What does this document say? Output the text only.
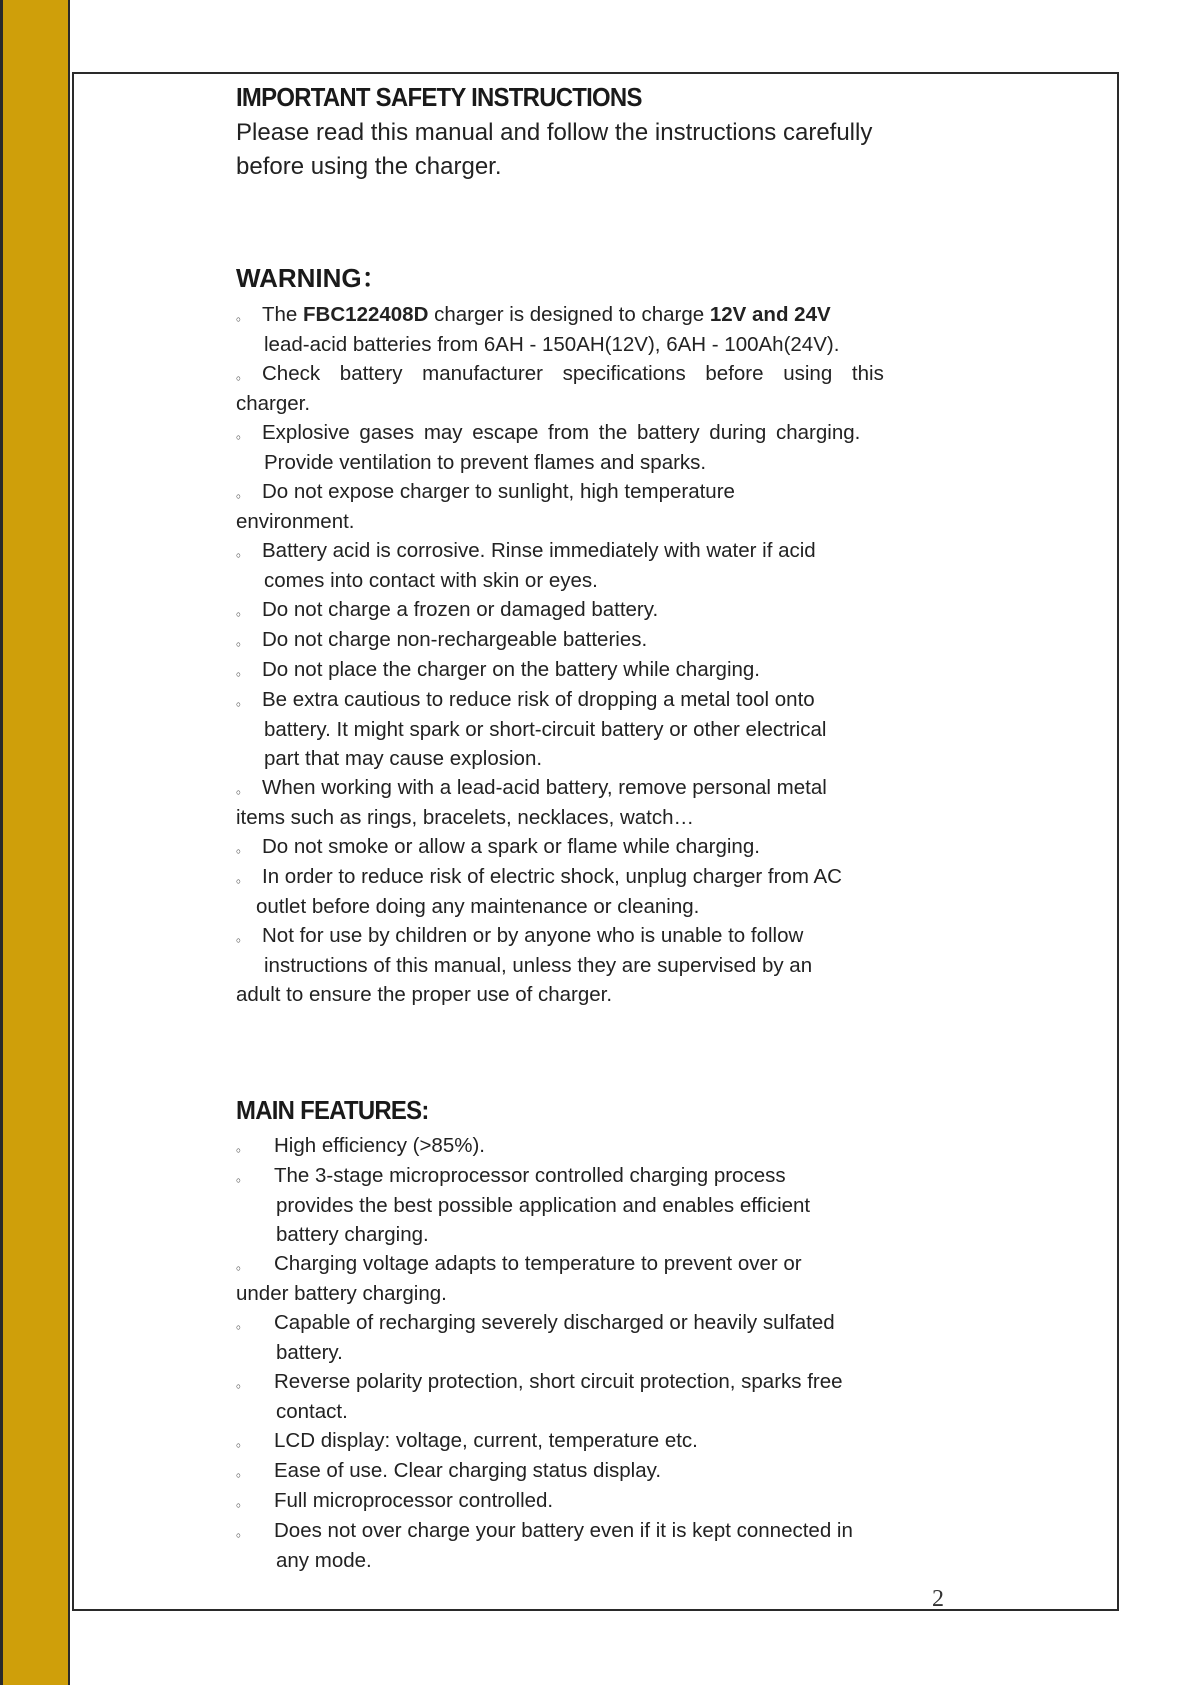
IMPORTANT SAFETY INSTRUCTIONS

Please read this manual and follow the instructions carefully
before using the charger.

WARNING：
。 The FBC122408D charger is designed to charge 12V and 24V
lead-acid batteries from 6AH - 150AH(12V), 6AH - 100Ah(24V).
。 Check battery manufacturer specifications before using this
charger.
。 Explosive gases may escape from the battery during charging.
Provide ventilation to prevent flames and sparks.
。 Do not expose charger to sunlight, high temperature
environment.
。 Battery acid is corrosive. Rinse immediately with water if acid
comes into contact with skin or eyes.
。 Do not charge a frozen or damaged battery.
。 Do not charge non-rechargeable batteries.
。 Do not place the charger on the battery while charging.
。 Be extra cautious to reduce risk of dropping a metal tool onto
battery. It might spark or short-circuit battery or other electrical
part that may cause explosion.
。 When working with a lead-acid battery, remove personal metal
items such as rings, bracelets, necklaces, watch…
。 Do not smoke or allow a spark or flame while charging.
。 In order to reduce risk of electric shock, unplug charger from AC
outlet before doing any maintenance or cleaning.
。 Not for use by children or by anyone who is unable to follow
instructions of this manual, unless they are supervised by an
adult to ensure the proper use of charger.
MAIN FEATURES:
。 High efficiency (>85%).
。 The 3-stage microprocessor controlled charging process
provides the best possible application and enables efficient
battery charging.
。 Charging voltage adapts to temperature to prevent over or
under battery charging.
。 Capable of recharging severely discharged or heavily sulfated
battery.
。 Reverse polarity protection, short circuit protection, sparks free
contact.
。 LCD display: voltage, current, temperature etc.
。 Ease of use. Clear charging status display.
。 Full microprocessor controlled.
。 Does not over charge your battery even if it is kept connected in
any mode.
2
